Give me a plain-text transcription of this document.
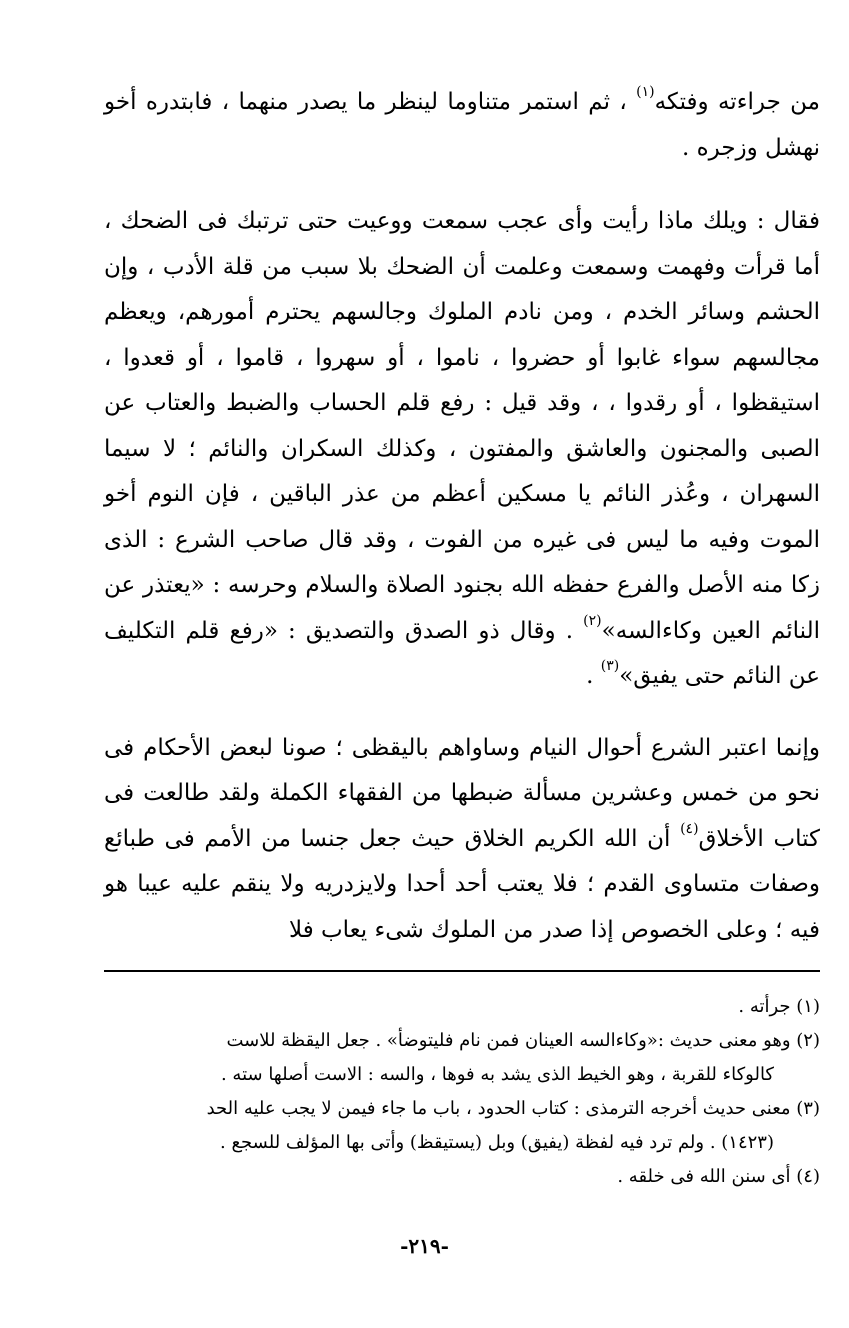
من جراءته وفتكه$^{(١)}$ ، ثم استمر متناوما لينظر ما يصدر منهما ، فابتدره أخو نهشل وزجره .

فقال : ويلك ماذا رأيت وأى عجب سمعت ووعيت حتى ترتبك فى الضحك ، أما قرأت وفهمت وسمعت وعلمت أن الضحك بلا سبب من قلة الأدب ، وإن الحشم وسائر الخدم ، ومن نادم الملوك وجالسهم يحترم أمورهم، ويعظم مجالسهم سواء غابوا أو حضروا ، ناموا ، أو سهروا ، قاموا ، أو قعدوا ، استيقظوا ، أو رقدوا ، ، وقد قيل : رفع قلم الحساب والضبط والعتاب عن الصبى والمجنون والعاشق والمفتون ، وكذلك السكران والنائم ؛ لا سيما السهران ، وعُذر النائم يا مسكين أعظم من عذر الباقين ، فإن النوم أخو الموت وفيه ما ليس فى غيره من الفوت ، وقد قال صاحب الشرع : الذى زكا منه الأصل والفرع حفظه الله بجنود الصلاة والسلام وحرسه : «يعتذر عن النائم العين وكاءالسه»$^{(٢)}$ . وقال ذو الصدق والتصديق : «رفع قلم التكليف عن النائم حتى يفيق»$^{(٣)}$ .

وإنما اعتبر الشرع أحوال النيام وساواهم باليقظى ؛ صونا لبعض الأحكام فى نحو من خمس وعشرين مسألة ضبطها من الفقهاء الكملة ولقد طالعت فى كتاب الأخلاق$^{(٤)}$ أن الله الكريم الخلاق حيث جعل جنسا من الأمم فى طبائع وصفات متساوى القدم ؛ فلا يعتب أحد أحدا ولايزدريه ولا ينقم عليه عيبا هو فيه ؛ وعلى الخصوص إذا صدر من الملوك شىء يعاب فلا

(١) جرأته .

(٢) وهو معنى حديث :«وكاءالسه العينان فمن نام فليتوضأ» . جعل اليقظة للاست

كالوكاء للقربة ، وهو الخيط الذى يشد به فوها ، والسه : الاست أصلها سته .

(٣) معنى حديث أخرجه الترمذى : كتاب الحدود ، باب ما جاء فيمن لا يجب عليه الحد

(١٤٢٣) . ولم ترد فيه لفظة (يفيق) وبل (يستيقظ) وأتى بها المؤلف للسجع .

(٤) أى سنن الله فى خلقه .

-٢١٩-
